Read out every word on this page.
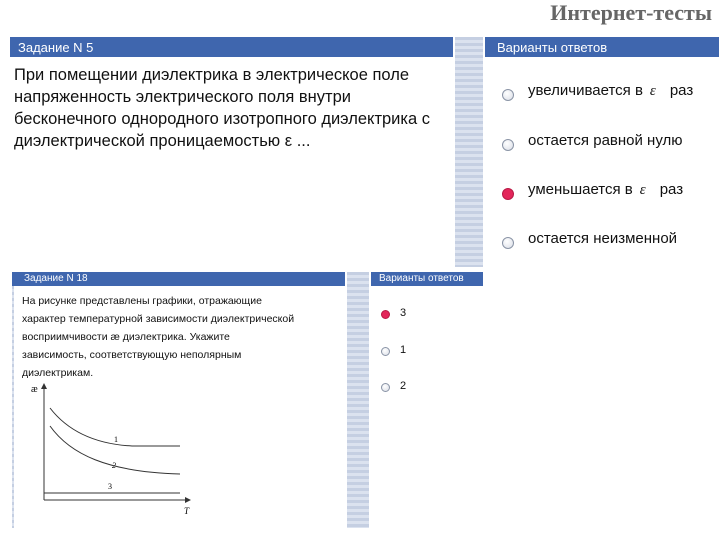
Интернет-тесты
Задание N 5	Варианты ответов
При помещении диэлектрика в электрическое поле напряженность электрического поля внутри бесконечного однородного изотропного диэлектрика с диэлектрической проницаемостью ε ...
увеличивается в ε раз
остается равной нулю
уменьшается в ε раз
остается неизменной
Задание N 18	Варианты ответов
На рисунке представлены графики, отражающие
характер температурной зависимости диэлектрической
восприимчивости æ диэлектрика. Укажите
зависимость, соответствующую неполярным
диэлектрикам.
æ
T
1
2
3
3
1
2
